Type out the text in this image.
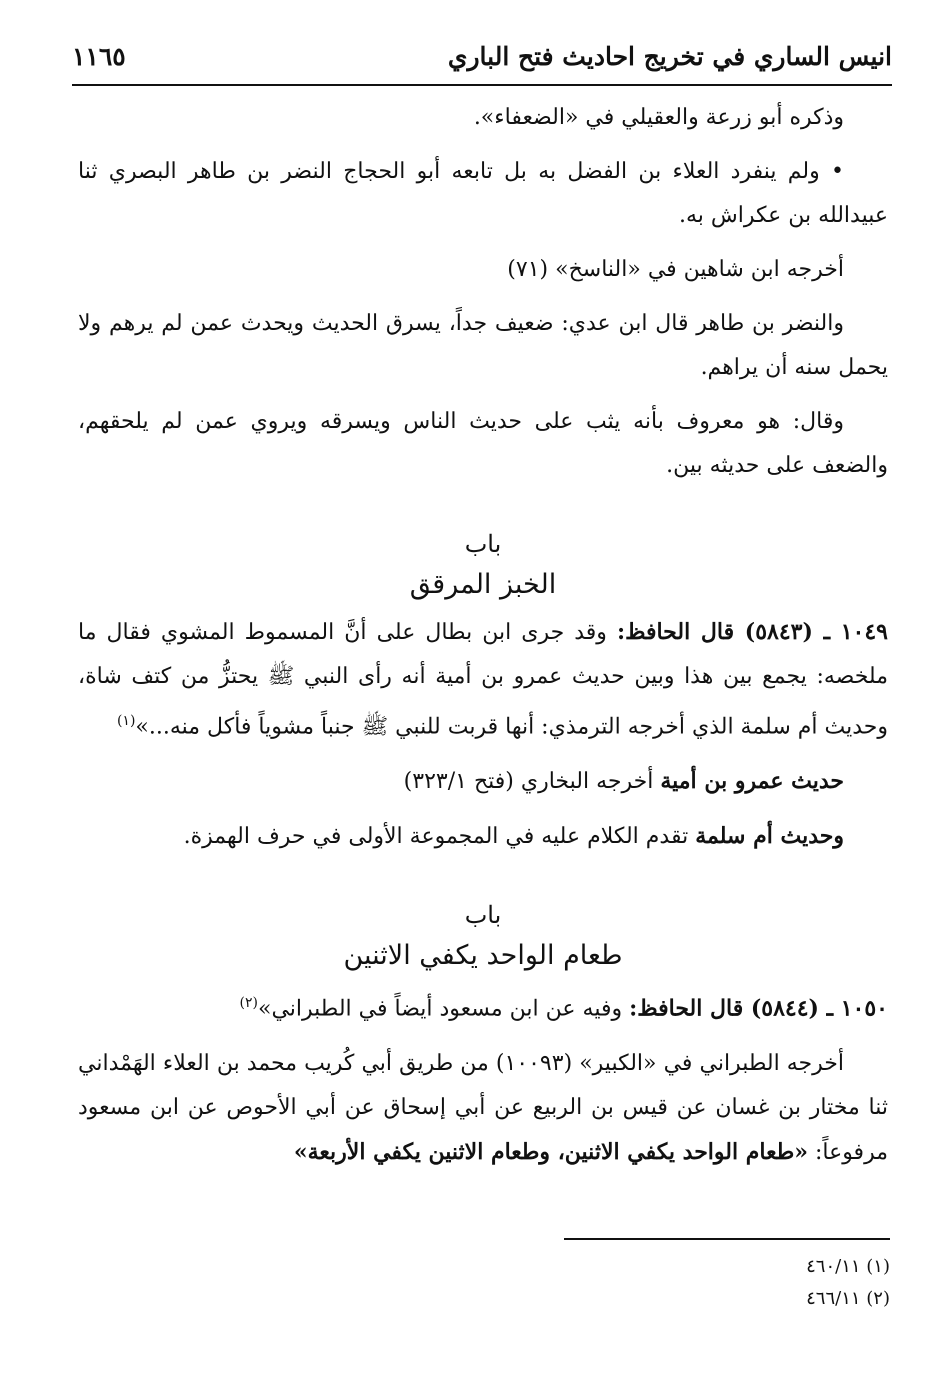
انيس الساري في تخريج احاديث فتح الباري
١١٦٥

وذكره أبو زرعة والعقيلي في «الضعفاء».

• ولم ينفرد العلاء بن الفضل به بل تابعه أبو الحجاج النضر بن طاهر البصري ثنا عبيدالله بن عكراش به.

أخرجه ابن شاهين في «الناسخ» (٧١)

والنضر بن طاهر قال ابن عدي: ضعيف جداً، يسرق الحديث ويحدث عمن لم يرهم ولا يحمل سنه أن يراهم.

وقال: هو معروف بأنه يثب على حديث الناس ويسرقه ويروي عمن لم يلحقهم، والضعف على حديثه بين.

باب
الخبز المرقق

١٠٤٩ ـ (٥٨٤٣) قال الحافظ: وقد جرى ابن بطال على أنَّ المسموط المشوي فقال ما ملخصه: يجمع بين هذا وبين حديث عمرو بن أمية أنه رأى النبي ﷺ يحتزُّ من كتف شاة، وحديث أم سلمة الذي أخرجه الترمذي: أنها قربت للنبي ﷺ جنباً مشوياً فأكل منه...»$^{(١)}$

حديث عمرو بن أمية أخرجه البخاري (فتح ٣٢٣/١)

وحديث أم سلمة تقدم الكلام عليه في المجموعة الأولى في حرف الهمزة.

باب
طعام الواحد يكفي الاثنين

١٠٥٠ ـ (٥٨٤٤) قال الحافظ: وفيه عن ابن مسعود أيضاً في الطبراني»$^{(٢)}$

أخرجه الطبراني في «الكبير» (١٠٠٩٣) من طريق أبي كُريب محمد بن العلاء الهَمْداني ثنا مختار بن غسان عن قيس بن الربيع عن أبي إسحاق عن أبي الأحوص عن ابن مسعود مرفوعاً: «طعام الواحد يكفي الاثنين، وطعام الاثنين يكفي الأربعة»

(١) ٤٦٠/١١
(٢) ٤٦٦/١١
